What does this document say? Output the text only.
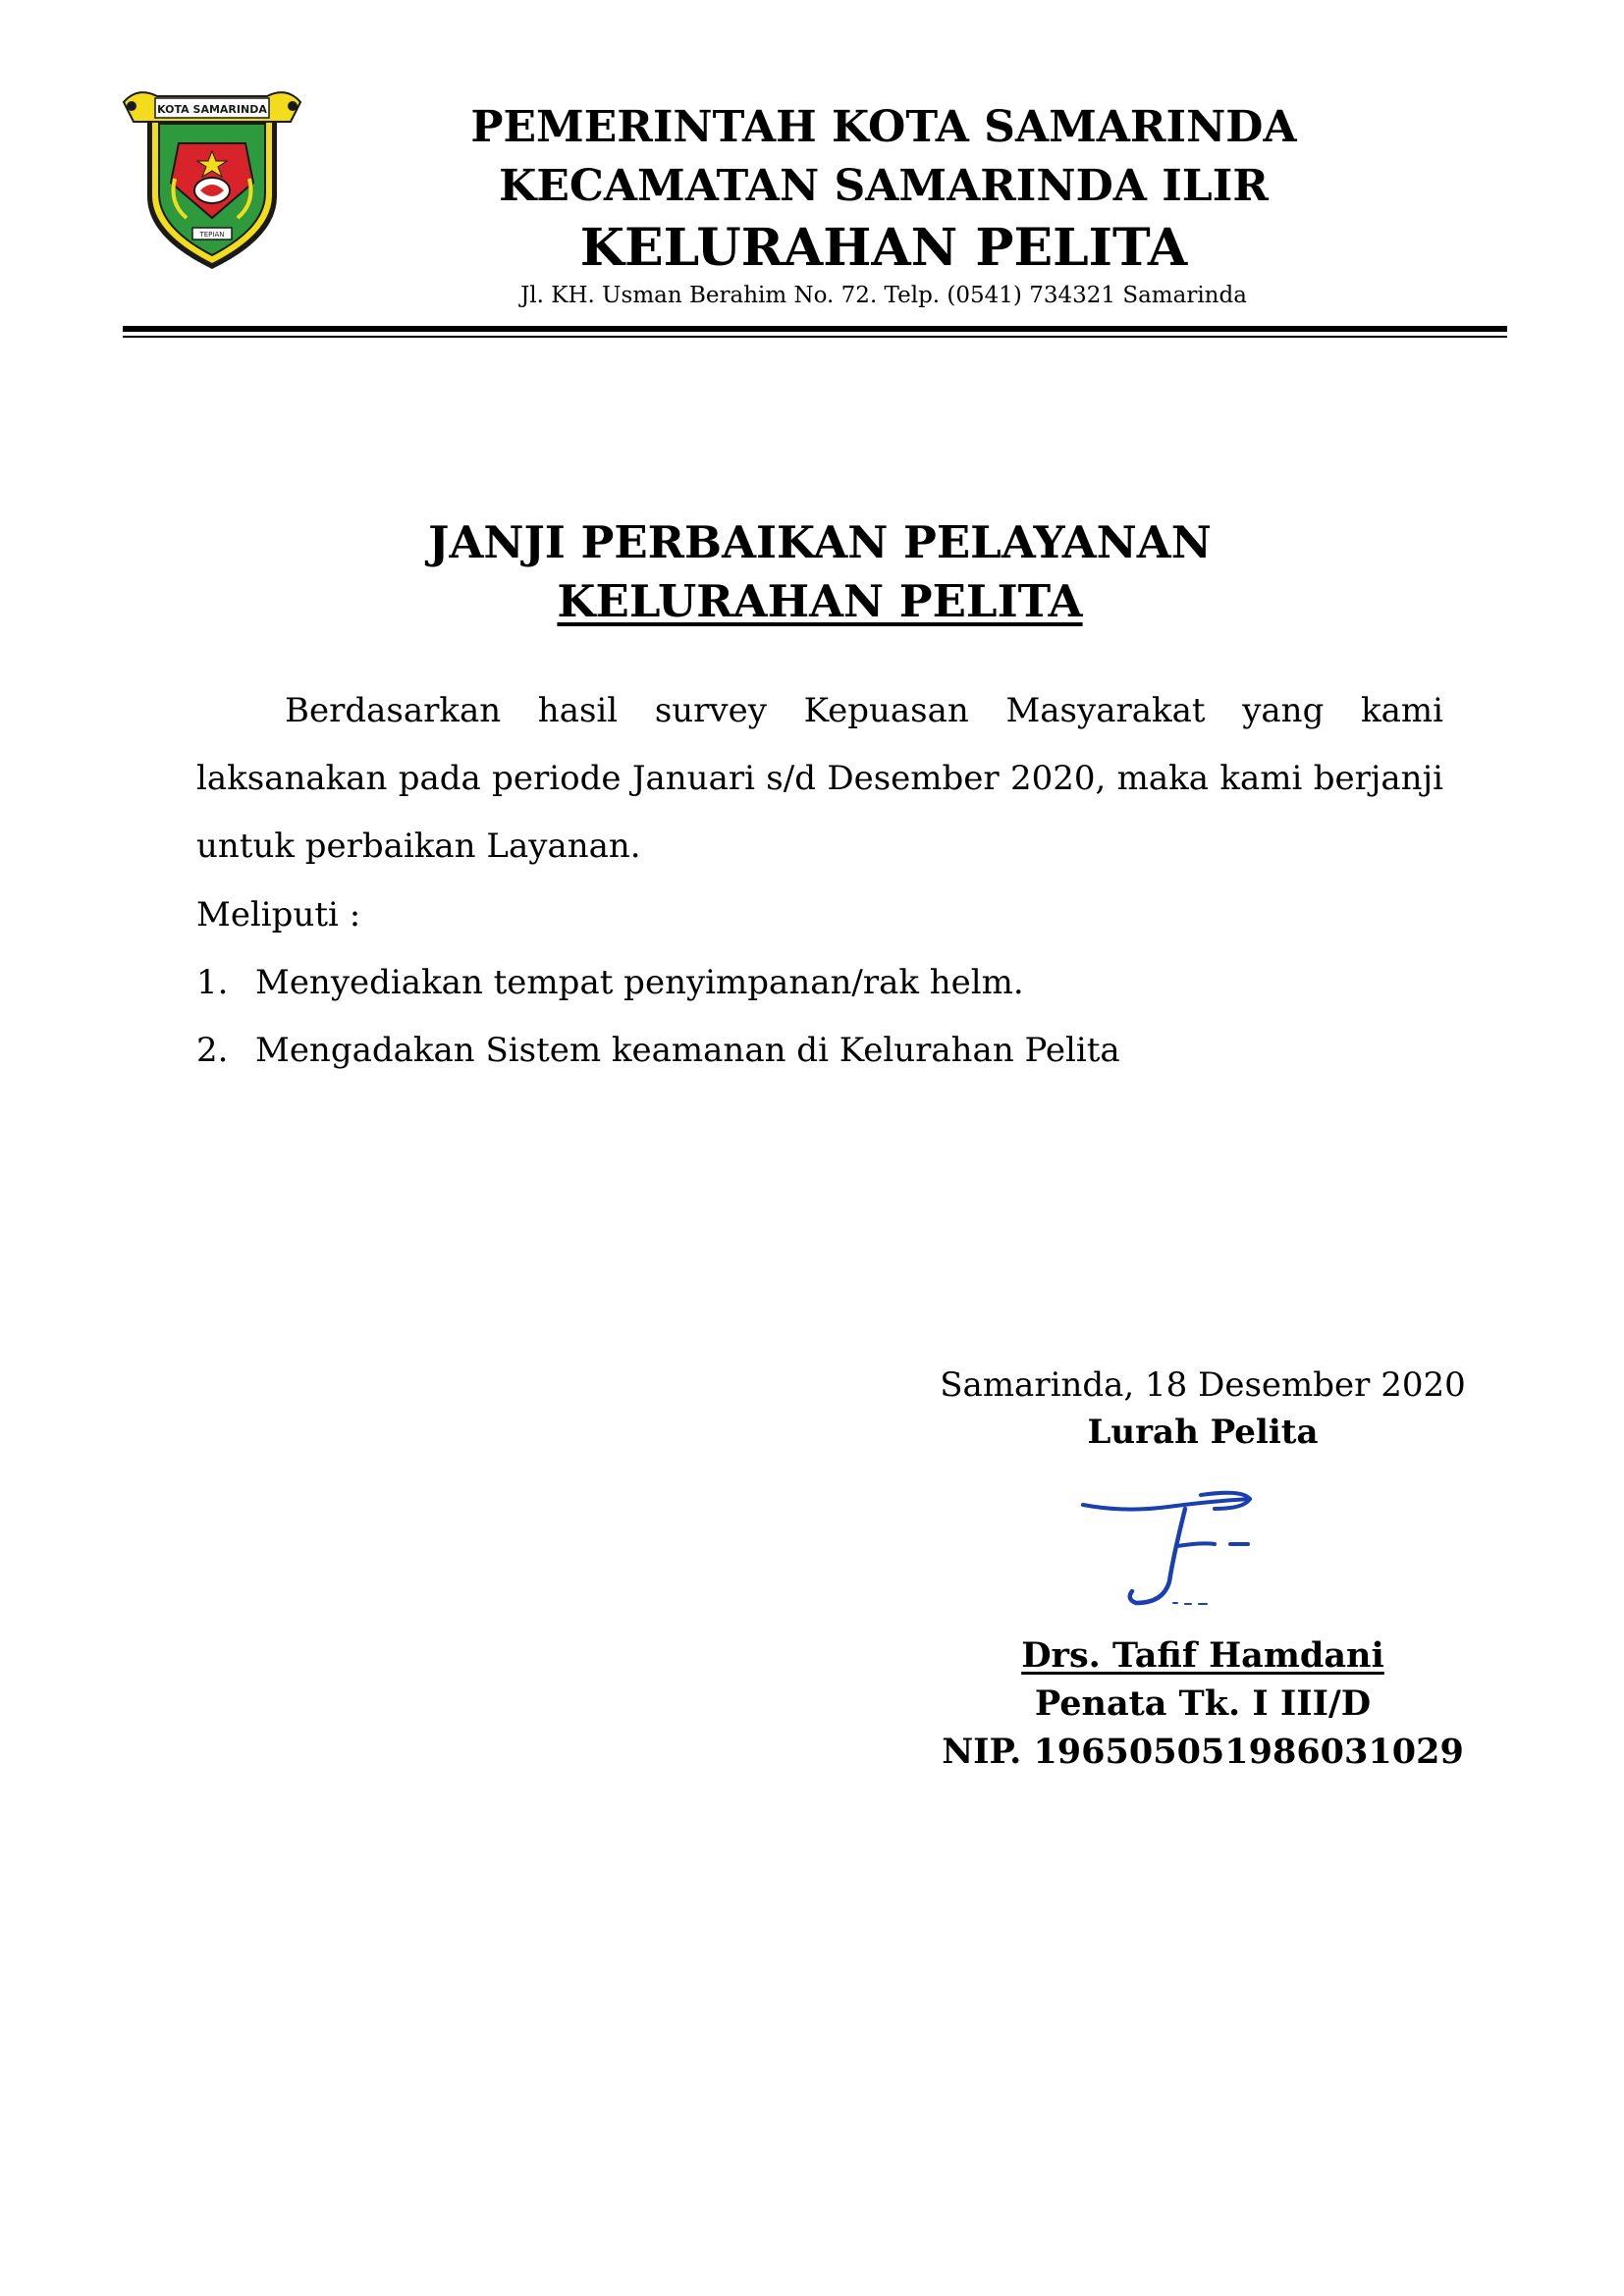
TEPIAN
KOTA SAMARINDA	PEMERINTAH KOTA SAMARINDA
KECAMATAN SAMARINDA ILIR
KELURAHAN PELITA
Jl. KH. Usman Berahim No. 72. Telp. (0541) 734321 Samarinda
JANJI PERBAIKAN PELAYANAN
KELURAHAN PELITA
Berdasarkan hasil survey Kepuasan Masyarakat yang kami laksanakan pada periode Januari s/d Desember 2020, maka kami berjanji untuk perbaikan Layanan.
Meliputi :
1. Menyediakan tempat penyimpanan/rak helm.
2. Mengadakan Sistem keamanan di Kelurahan Pelita
Samarinda, 18 Desember 2020
Lurah Pelita
Drs. Tafif Hamdani
Penata Tk. I III/D
NIP. 196505051986031029
